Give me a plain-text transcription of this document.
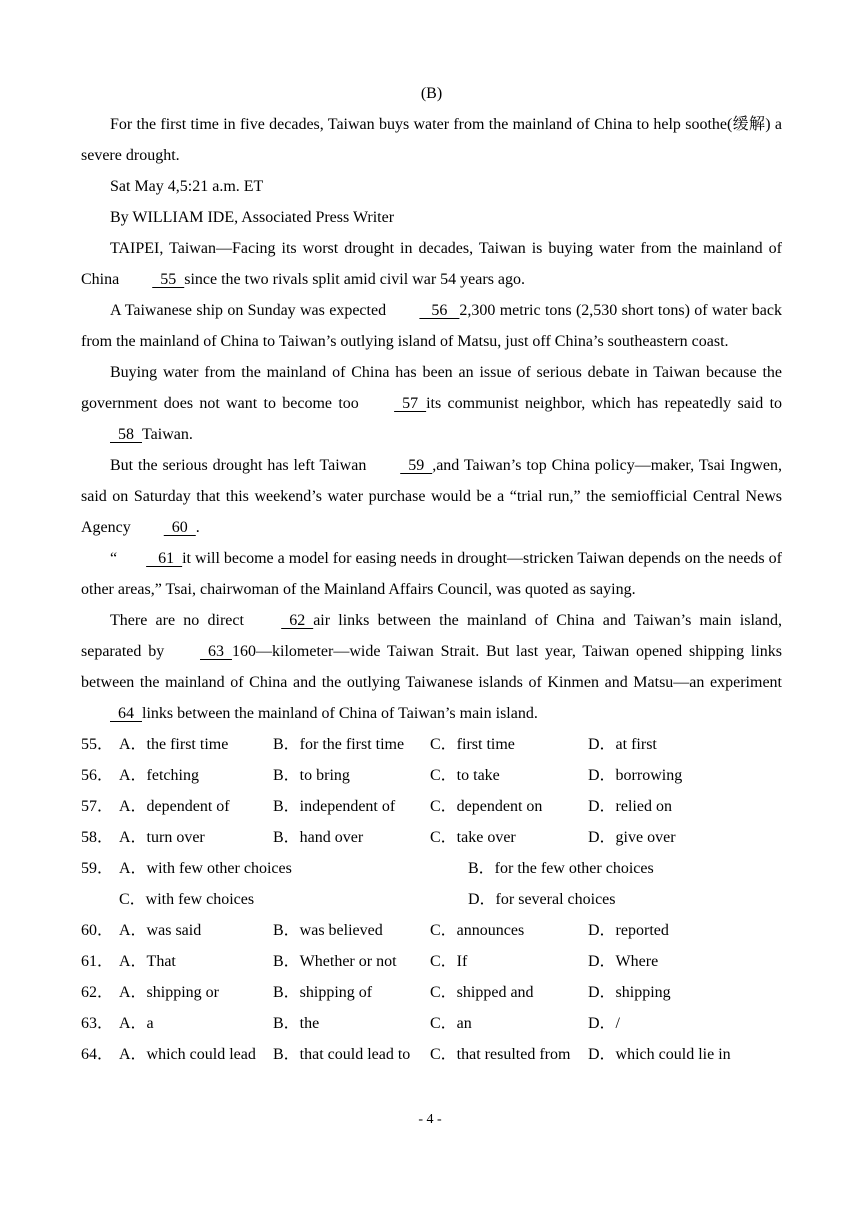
(B)

For the first time in five decades, Taiwan buys water from the mainland of China to help soothe(缓解) a severe drought.

Sat May 4,5:21 a.m. ET

By WILLIAM IDE, Associated Press Writer

TAIPEI, Taiwan—Facing its worst drought in decades, Taiwan is buying water from the mainland of China   55  since the two rivals split amid civil war 54 years ago.

A Taiwanese ship on Sunday was expected    56   2,300 metric tons (2,530 short tons) of water back from the mainland of China to Taiwan’s outlying island of Matsu, just off China’s southeastern coast.

Buying water from the mainland of China has been an issue of serious debate in Taiwan because the government does not want to become too   57  its communist neighbor, which has repeatedly said to   58  Taiwan.

But the serious drought has left Taiwan   59  ,and Taiwan’s top China policy—maker, Tsai Ingwen, said on Saturday that this weekend’s water purchase would be a “trial run,” the semiofficial Central News Agency   60  .

“   61  it will become a model for easing needs in drought—stricken Taiwan depends on the needs of other areas,” Tsai, chairwoman of the Mainland Affairs Council, was quoted as saying.

There are no direct   62  air links between the mainland of China and Taiwan’s main island, separated by   63  160—kilometer—wide Taiwan Strait. But last year, Taiwan opened shipping links between the mainland of China and the outlying Taiwanese islands of Kinmen and Matsu—an experiment   64  links between the mainland of China of Taiwan’s main island.

55． A．the first time	B．for the first time	C．first time	D．at first
56． A．fetching	B．to bring	C．to take	D．borrowing
57． A．dependent of	B．independent of	C．dependent on	D．relied on
58． A．turn over	B．hand over	C．take over	D．give over
59． A．with few other choices	B．for the few other choices
C．with few choices	D．for several choices
60． A．was said	B．was believed	C．announces	D．reported
61． A．That	B．Whether or not	C．If	D．Where
62． A．shipping or	B．shipping of	C．shipped and	D．shipping
63． A．a	B．the	C．an	D．/
64． A．which could lead	B．that could lead to	C．that resulted from	D．which could lie in
- 4 -
